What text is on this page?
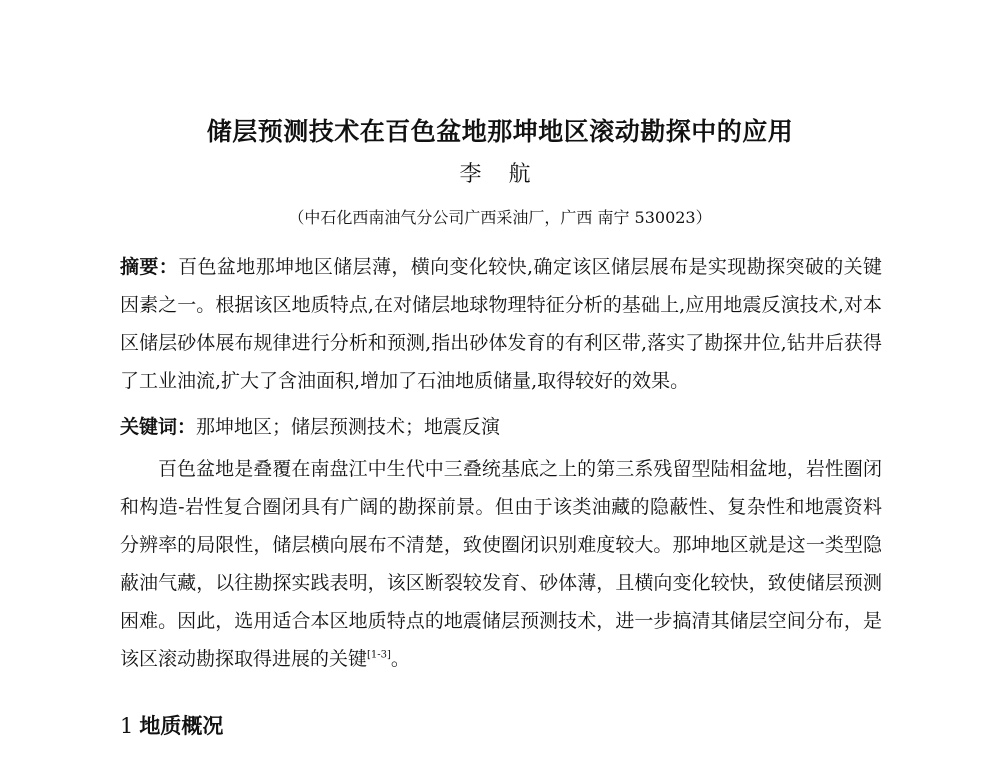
储层预测技术在百色盆地那坤地区滚动勘探中的应用

李 航

（中石化西南油气分公司广西采油厂，广西 南宁 530023）

摘要：百色盆地那坤地区储层薄，横向变化较快,确定该区储层展布是实现勘探突破的关键因素之一。根据该区地质特点,在对储层地球物理特征分析的基础上,应用地震反演技术,对本区储层砂体展布规律进行分析和预测,指出砂体发育的有利区带,落实了勘探井位,钻井后获得了工业油流,扩大了含油面积,增加了石油地质储量,取得较好的效果。

关键词：那坤地区；储层预测技术；地震反演

百色盆地是叠覆在南盘江中生代中三叠统基底之上的第三系残留型陆相盆地，岩性圈闭和构造-岩性复合圈闭具有广阔的勘探前景。但由于该类油藏的隐蔽性、复杂性和地震资料分辨率的局限性，储层横向展布不清楚，致使圈闭识别难度较大。那坤地区就是这一类型隐蔽油气藏，以往勘探实践表明，该区断裂较发育、砂体薄，且横向变化较快，致使储层预测困难。因此，选用适合本区地质特点的地震储层预测技术，进一步搞清其储层空间分布，是该区滚动勘探取得进展的关键[1-3]。

1 地质概况
